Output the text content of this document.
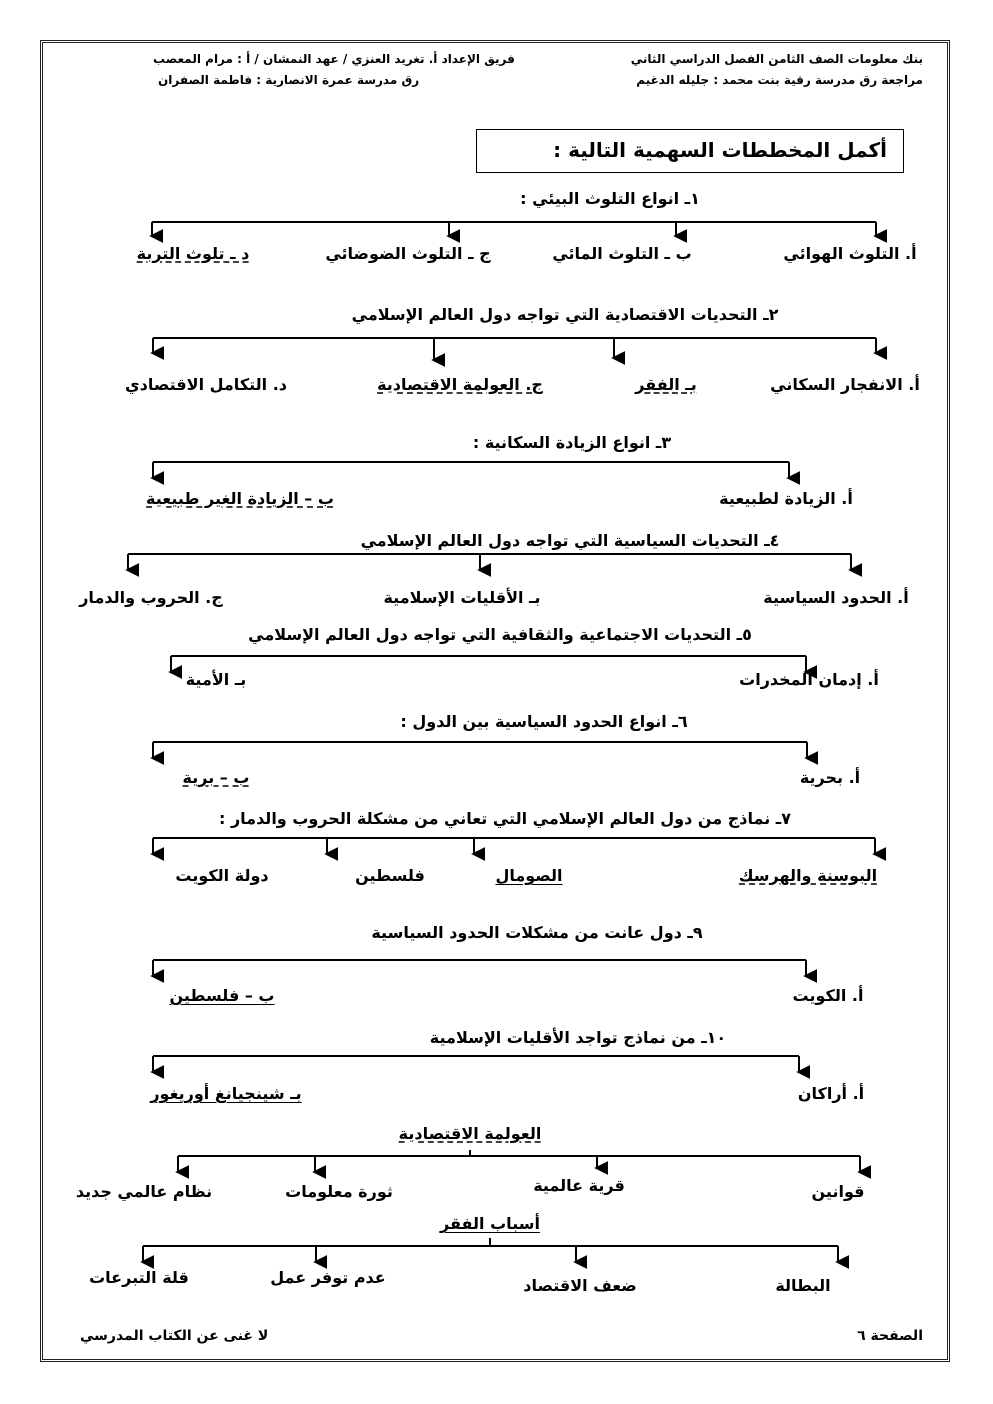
بنك معلومات الصف الثامن الفصل الدراسي الثاني
مراجعة رق مدرسة رقية بنت محمد : جليله الدغيم
فريق الإعداد أ. تغريد العنزي / عهد النمشان / أ : مرام المعصب
رق مدرسة عمرة الانصارية : فاطمة الصفران
أكمل المخططات السهمية التالية :
١ـ انواع التلوث البيئي :
أ. التلوث الهوائي
ب ـ التلوث المائي
ج ـ التلوث الضوضائي
د ـ تلوث التربة
٢ـ التحديات الاقتصادية التي تواجه دول العالم الإسلامي
أ. الانفجار السكاني
بـ الفقر
ج. العولمة الاقتصادية
د. التكامل الاقتصادي
٣ـ انواع الزيادة السكانية :
أ. الزيادة لطبيعية
ب – الزيادة الغير طبيعية
٤ـ التحديات السياسية التي تواجه دول العالم الإسلامي
أ. الحدود السياسية
بـ الأقليات الإسلامية
ج. الحروب والدمار
٥ـ التحديات الاجتماعية والثقافية التي تواجه دول العالم الإسلامي
أ. إدمان المخدرات
بـ الأمية
٦ـ انواع الحدود السياسية بين الدول :
أ. بحرية
ب – برية
٧ـ نماذج من دول العالم الإسلامي التي تعاني من مشكلة الحروب والدمار :
البوسنة والهرسك
الصومال
فلسطين
دولة الكويت
٩ـ دول عانت من مشكلات الحدود السياسية
أ. الكويت
ب – فلسطين
١٠ـ من نماذج تواجد الأقليات الإسلامية
أ. أراكان
بـ شينجيانغ أوريغور
العولمة الاقتصادية
قوانين
قرية عالمية
ثورة معلومات
نظام عالمي جديد
أسباب الفقر
البطالة
ضعف الاقتصاد
عدم توفر عمل
قلة التبرعات
الصفحة ٦
لا غنى عن الكتاب المدرسي
